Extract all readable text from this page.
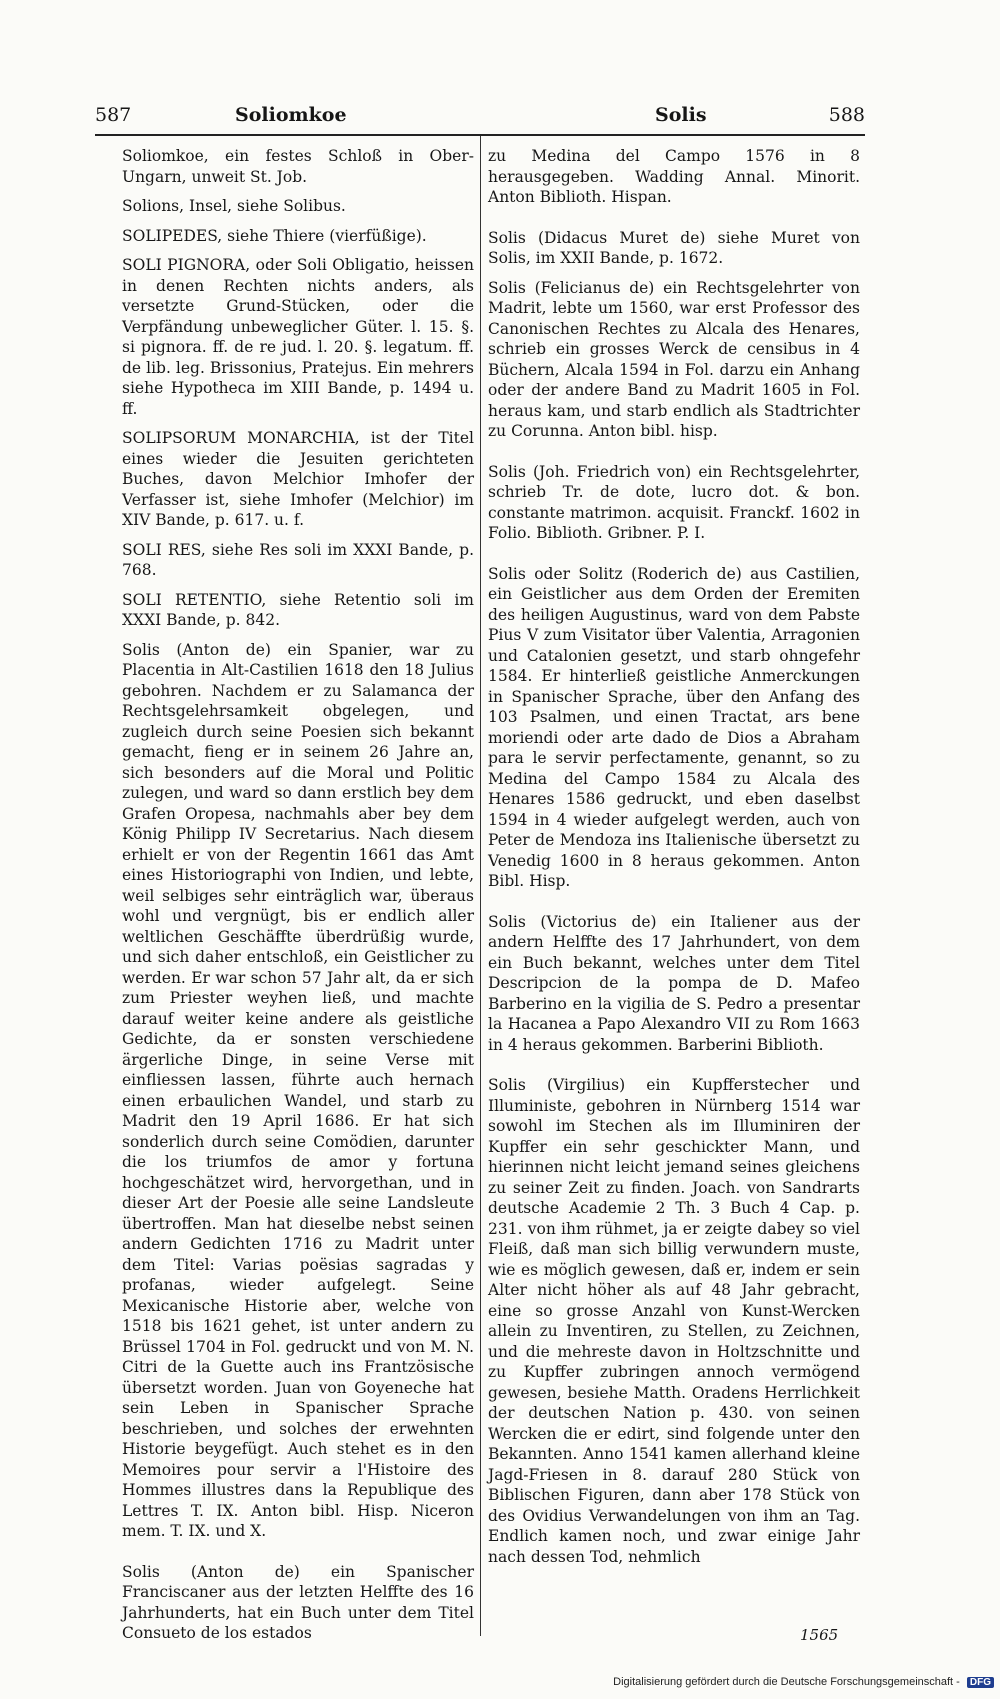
587	Soliomkoe	Solis	588

Soliomkoe, ein festes Schloß in Ober-Ungarn, unweit St. Job.

Solions, Insel, siehe Solibus.

SOLIPEDES, siehe Thiere (vierfüßige).

SOLI PIGNORA, oder Soli Obligatio, heissen in denen Rechten nichts anders, als versetzte Grund-Stücken, oder die Verpfändung unbeweglicher Güter. l. 15. §. si pignora. ff. de re jud. l. 20. §. legatum. ff. de lib. leg. Brissonius, Pratejus. Ein mehrers siehe Hypotheca im XIII Bande, p. 1494 u. ff.

SOLIPSORUM MONARCHIA, ist der Titel eines wieder die Jesuiten gerichteten Buches, davon Melchior Imhofer der Verfasser ist, siehe Imhofer (Melchior) im XIV Bande, p. 617. u. f.

SOLI RES, siehe Res soli im XXXI Bande, p. 768.

SOLI RETENTIO, siehe Retentio soli im XXXI Bande, p. 842.

Solis (Anton de) ein Spanier, war zu Placentia in Alt-Castilien 1618 den 18 Julius gebohren. Nachdem er zu Salamanca der Rechtsgelehrsamkeit obgelegen, und zugleich durch seine Poesien sich bekannt gemacht, fieng er in seinem 26 Jahre an, sich besonders auf die Moral und Politic zulegen, und ward so dann erstlich bey dem Grafen Oropesa, nachmahls aber bey dem König Philipp IV Secretarius. Nach diesem erhielt er von der Regentin 1661 das Amt eines Historiographi von Indien, und lebte, weil selbiges sehr einträglich war, überaus wohl und vergnügt, bis er endlich aller weltlichen Geschäffte überdrüßig wurde, und sich daher entschloß, ein Geistlicher zu werden. Er war schon 57 Jahr alt, da er sich zum Priester weyhen ließ, und machte darauf weiter keine andere als geistliche Gedichte, da er sonsten verschiedene ärgerliche Dinge, in seine Verse mit einfliessen lassen, führte auch hernach einen erbaulichen Wandel, und starb zu Madrit den 19 April 1686. Er hat sich sonderlich durch seine Comödien, darunter die los triumfos de amor y fortuna hochgeschätzet wird, hervorgethan, und in dieser Art der Poesie alle seine Landsleute übertroffen. Man hat dieselbe nebst seinen andern Gedichten 1716 zu Madrit unter dem Titel: Varias poësias sagradas y profanas, wieder aufgelegt. Seine Mexicanische Historie aber, welche von 1518 bis 1621 gehet, ist unter andern zu Brüssel 1704 in Fol. gedruckt und von M. N. Citri de la Guette auch ins Frantzösische übersetzt worden. Juan von Goyeneche hat sein Leben in Spanischer Sprache beschrieben, und solches der erwehnten Historie beygefügt. Auch stehet es in den Memoires pour servir a l'Histoire des Hommes illustres dans la Republique des Lettres T. IX. Anton bibl. Hisp. Niceron mem. T. IX. und X.

Solis (Anton de) ein Spanischer Franciscaner aus der letzten Helffte des 16 Jahrhunderts, hat ein Buch unter dem Titel Consueto de los estados

zu Medina del Campo 1576 in 8 herausgegeben. Wadding Annal. Minorit. Anton Biblioth. Hispan.

Solis (Didacus Muret de) siehe Muret von Solis, im XXII Bande, p. 1672.

Solis (Felicianus de) ein Rechtsgelehrter von Madrit, lebte um 1560, war erst Professor des Canonischen Rechtes zu Alcala des Henares, schrieb ein grosses Werck de censibus in 4 Büchern, Alcala 1594 in Fol. darzu ein Anhang oder der andere Band zu Madrit 1605 in Fol. heraus kam, und starb endlich als Stadtrichter zu Corunna. Anton bibl. hisp.

Solis (Joh. Friedrich von) ein Rechtsgelehrter, schrieb Tr. de dote, lucro dot. & bon. constante matrimon. acquisit. Franckf. 1602 in Folio. Biblioth. Gribner. P. I.

Solis oder Solitz (Roderich de) aus Castilien, ein Geistlicher aus dem Orden der Eremiten des heiligen Augustinus, ward von dem Pabste Pius V zum Visitator über Valentia, Arragonien und Catalonien gesetzt, und starb ohngefehr 1584. Er hinterließ geistliche Anmerckungen in Spanischer Sprache, über den Anfang des 103 Psalmen, und einen Tractat, ars bene moriendi oder arte dado de Dios a Abraham para le servir perfectamente, genannt, so zu Medina del Campo 1584 zu Alcala des Henares 1586 gedruckt, und eben daselbst 1594 in 4 wieder aufgelegt werden, auch von Peter de Mendoza ins Italienische übersetzt zu Venedig 1600 in 8 heraus gekommen. Anton Bibl. Hisp.

Solis (Victorius de) ein Italiener aus der andern Helffte des 17 Jahrhundert, von dem ein Buch bekannt, welches unter dem Titel Descripcion de la pompa de D. Mafeo Barberino en la vigilia de S. Pedro a presentar la Hacanea a Papo Alexandro VII zu Rom 1663 in 4 heraus gekommen. Barberini Biblioth.

Solis (Virgilius) ein Kupfferstecher und Illuministe, gebohren in Nürnberg 1514 war sowohl im Stechen als im Illuminiren der Kupffer ein sehr geschickter Mann, und hierinnen nicht leicht jemand seines gleichens zu seiner Zeit zu finden. Joach. von Sandrarts deutsche Academie 2 Th. 3 Buch 4 Cap. p. 231. von ihm rühmet, ja er zeigte dabey so viel Fleiß, daß man sich billig verwundern muste, wie es möglich gewesen, daß er, indem er sein Alter nicht höher als auf 48 Jahr gebracht, eine so grosse Anzahl von Kunst-Wercken allein zu Inventiren, zu Stellen, zu Zeichnen, und die mehreste davon in Holtzschnitte und zu Kupffer zubringen annoch vermögend gewesen, besiehe Matth. Oradens Herrlichkeit der deutschen Nation p. 430. von seinen Wercken die er edirt, sind folgende unter den Bekannten. Anno 1541 kamen allerhand kleine Jagd-Friesen in 8. darauf 280 Stück von Biblischen Figuren, dann aber 178 Stück von des Ovidius Verwandelungen von ihm an Tag. Endlich kamen noch, und zwar einige Jahr nach dessen Tod, nehmlich

1565
Digitalisierung gefördert durch die Deutsche Forschungsgemeinschaft - DFG
